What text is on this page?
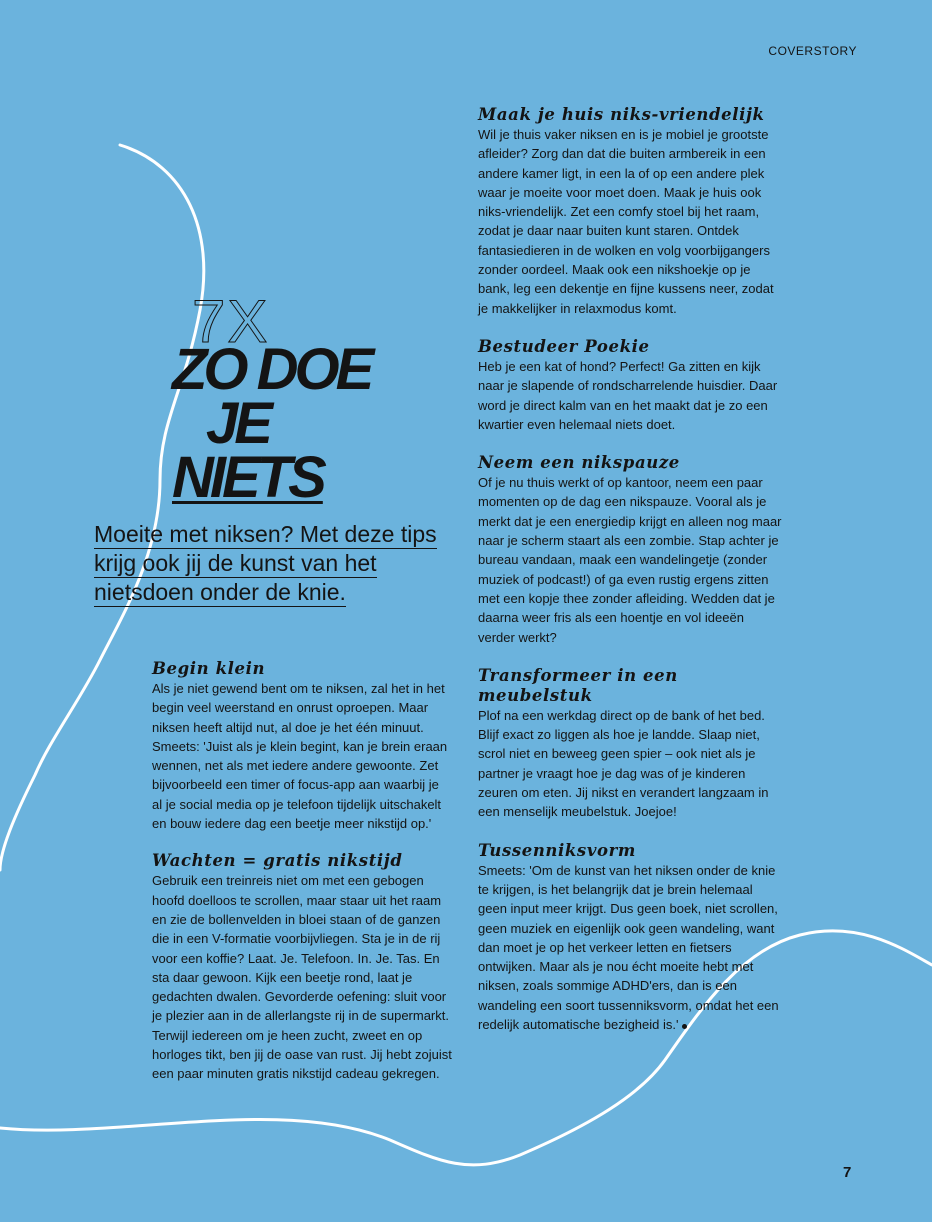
COVERSTORY
7X
ZO DOE
JE
NIETS
Moeite met niksen? Met deze tips krijg ook jij de kunst van het nietsdoen onder de knie.
Begin klein

Als je niet gewend bent om te niksen, zal het in het begin veel weerstand en onrust oproepen. Maar niksen heeft altijd nut, al doe je het één minuut. Smeets: 'Juist als je klein begint, kan je brein eraan wennen, net als met iedere andere gewoonte. Zet bijvoorbeeld een timer of focus-app aan waarbij je al je social media op je telefoon tijdelijk uitschakelt en bouw iedere dag een beetje meer nikstijd op.'

Wachten = gratis nikstijd

Gebruik een treinreis niet om met een gebogen hoofd doelloos te scrollen, maar staar uit het raam en zie de bollenvelden in bloei staan of de ganzen die in een V-formatie voorbijvliegen. Sta je in de rij voor een koffie? Laat. Je. Telefoon. In. Je. Tas. En sta daar gewoon. Kijk een beetje rond, laat je gedachten dwalen. Gevorderde oefening: sluit voor je plezier aan in de allerlangste rij in de supermarkt. Terwijl iedereen om je heen zucht, zweet en op horloges tikt, ben jij de oase van rust. Jij hebt zojuist een paar minuten gratis nikstijd cadeau gekregen.

Maak je huis niks-vriendelijk

Wil je thuis vaker niksen en is je mobiel je grootste afleider? Zorg dan dat die buiten armbereik in een andere kamer ligt, in een la of op een andere plek waar je moeite voor moet doen. Maak je huis ook niks-vriendelijk. Zet een comfy stoel bij het raam, zodat je daar naar buiten kunt staren. Ontdek fantasiedieren in de wolken en volg voorbijgangers zonder oordeel. Maak ook een nikshoekje op je bank, leg een dekentje en fijne kussens neer, zodat je makkelijker in relaxmodus komt.

Bestudeer Poekie

Heb je een kat of hond? Perfect! Ga zitten en kijk naar je slapende of rondscharrelende huisdier. Daar word je direct kalm van en het maakt dat je zo een kwartier even helemaal niets doet.

Neem een nikspauze

Of je nu thuis werkt of op kantoor, neem een paar momenten op de dag een nikspauze. Vooral als je merkt dat je een energiedip krijgt en alleen nog maar naar je scherm staart als een zombie. Stap achter je bureau vandaan, maak een wandelingetje (zonder muziek of podcast!) of ga even rustig ergens zitten met een kopje thee zonder afleiding. Wedden dat je daarna weer fris als een hoentje en vol ideeën verder werkt?

Transformeer in een meubelstuk

Plof na een werkdag direct op de bank of het bed. Blijf exact zo liggen als hoe je landde. Slaap niet, scrol niet en beweeg geen spier – ook niet als je partner je vraagt hoe je dag was of je kinderen zeuren om eten. Jij nikst en verandert langzaam in een menselijk meubelstuk. Joejoe!

Tussenniksvorm

Smeets: 'Om de kunst van het niksen onder de knie te krijgen, is het belangrijk dat je brein helemaal geen input meer krijgt. Dus geen boek, niet scrollen, geen muziek en eigenlijk ook geen wandeling, want dan moet je op het verkeer letten en fietsers ontwijken. Maar als je nou écht moeite hebt met niksen, zoals sommige ADHD'ers, dan is een wandeling een soort tussenniksvorm, omdat het een redelijk automatische bezigheid is.'

7
